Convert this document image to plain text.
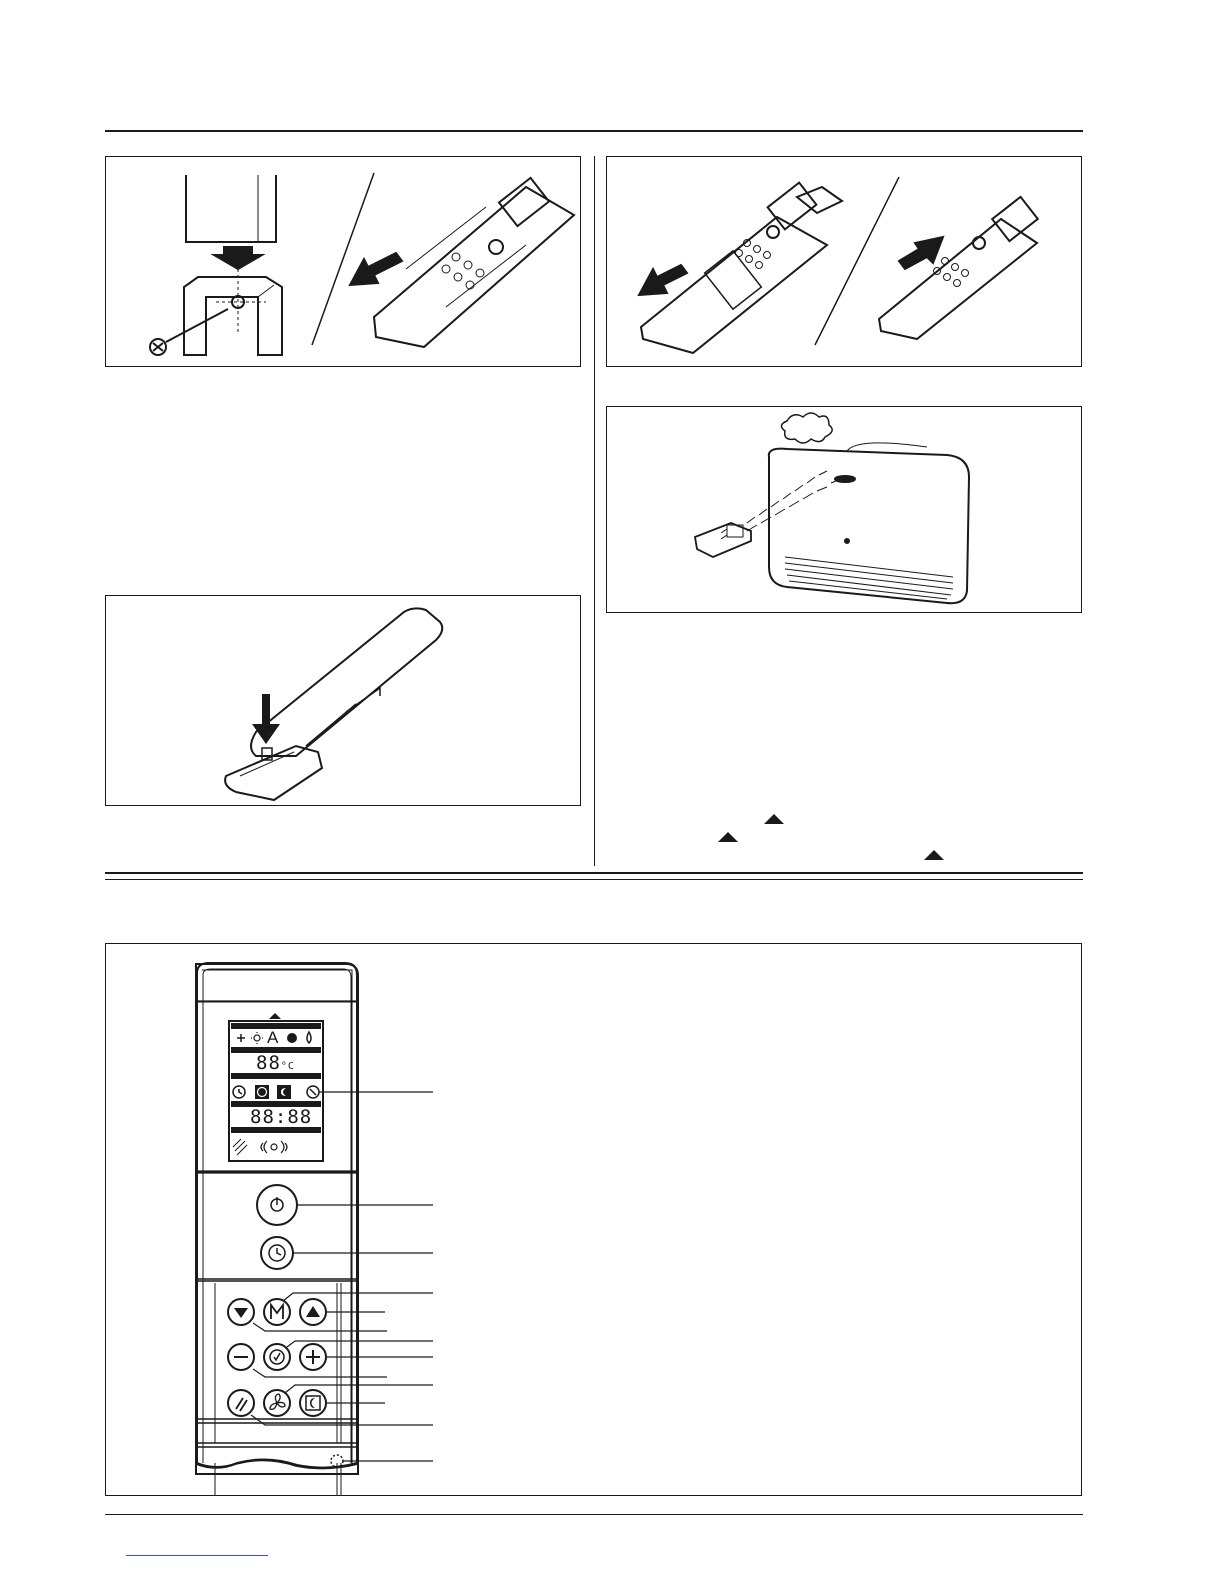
88°C
88:88
A
